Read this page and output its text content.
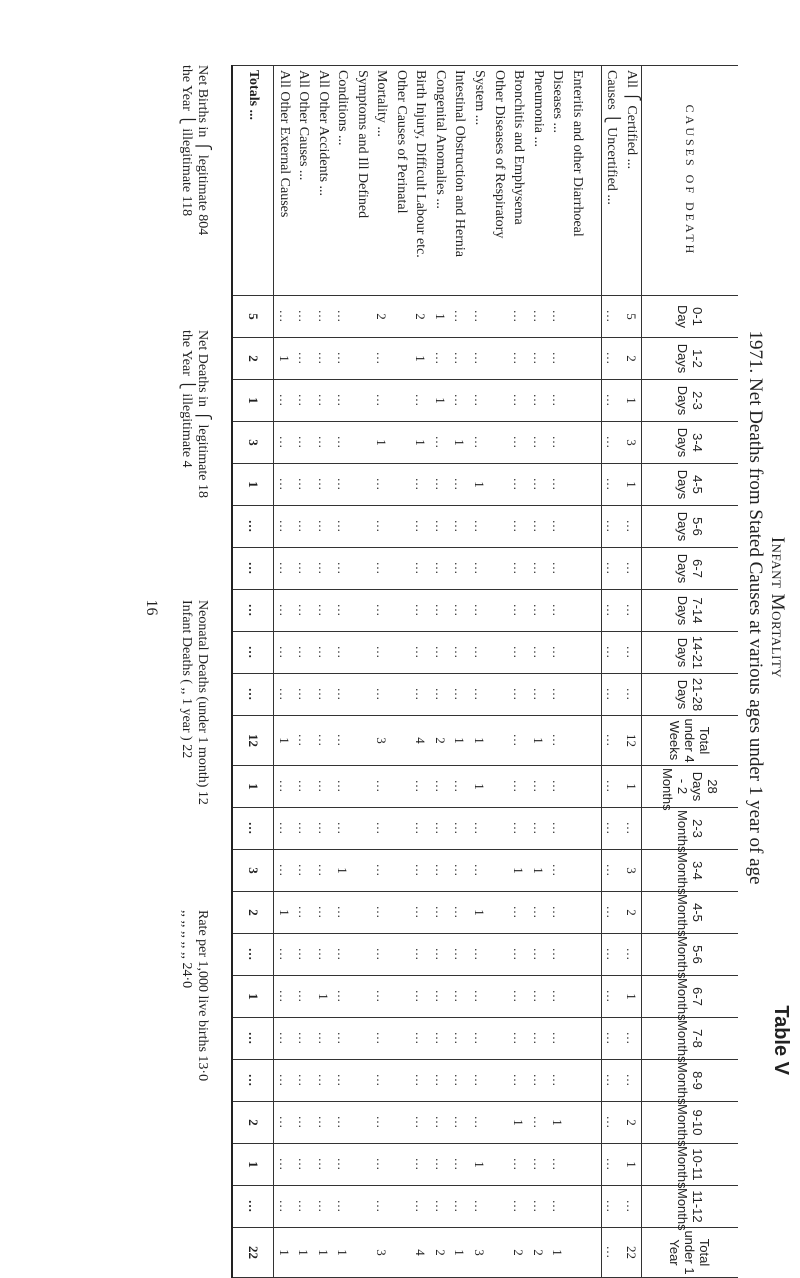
Infant Mortality
1971. Net Deaths from Stated Causes at various ages under 1 year of age
Table V
CAUSES OF DEATH	0-1 Day	1-2 Days	2-3 Days	3-4 Days	4-5 Days	5-6 Days	6-7 Days	7-14 Days	14-21 Days	21-28 Days	Total under 4 Weeks	28 Days - 2 Months	2-3 Months	3-4 Months	4-5 Months	5-6 Months	6-7 Months	7-8 Months	8-9 Months	9-10 Months	10-11 Months	11-12 Months	Total under 1 Year
All ⎧ Certified ...	5	2	1	3	1	...	...	...	...	...	12	1	...	3	2	...	1	...	...	2	1	...	22
Causes ⎩ Uncertified ...	...	...	...	...	...	...	...	...	...	...	...	...	...	...	...	...	...	...	...	...	...	...	...

Enteritis and other Diarrhoeal																							
Diseases ...	...	...	...	...	...	...	...	...	...	...	...	...	...	...	...	...	...	...	...	1	...	...	1
Pneumonia ...	...	...	...	...	...	...	...	...	...	...	1	...	...	1	...	...	...	...	...	...	...	...	2
Bronchitis and Emphysema	...	...	...	...	...	...	...	...	...	...	...	...	...	1	...	...	...	...	...	1	...	...	2
Other Diseases of Respiratory																							
System ...	...	...	...	...	1	...	...	...	...	...	1	1	...	...	1	...	...	...	...	...	1	...	3
Intestinal Obstruction and Hernia	...	...	...	1	...	...	...	...	...	...	1	...	...	...	...	...	...	...	...	...	...	...	1
Congenital Anomalies ...	1	...	1	...	...	...	...	...	...	...	2	...	...	...	...	...	...	...	...	...	...	...	2
Birth Injury, Difficult Labour etc.	2	1	...	1	...	...	...	...	...	...	4	...	...	...	...	...	...	...	...	...	...	...	4
Other Causes of Perinatal																							
Mortality ...	2	...	...	1	...	...	...	...	...	...	3	...	...	...	...	...	...	...	...	...	...	...	3
Symptoms and Ill Defined																							
Conditions ...	...	...	...	...	...	...	...	...	...	...	...	...	...	1	...	...	...	...	...	...	...	...	1
All Other Accidents ...	...	...	...	...	...	...	...	...	...	...	...	...	...	...	...	...	1	...	...	...	...	...	1
All Other Causes ...	...	...	...	...	...	...	...	...	...	...	...	...	...	...	...	...	...	...	...	...	...	...	1
All Other External Causes	...	1	...	...	...	...	...	...	...	...	1	...	...	...	1	...	...	...	...	...	...	...	1
Totals ...	5	2	1	3	1	...	...	...	...	...	12	1	...	3	2	...	1	...	...	2	1	...	22
Net Births in ⎧ legitimate 804
the Year ⎩ illegitimate 118
Net Deaths in ⎧ legitimate 18
the Year ⎩ illegitimate 4
Neonatal Deaths (under 1 month) 12
Infant Deaths ( ,, 1 year ) 22
Rate per 1,000 live births 13·0
,, ,, ,, ,, ,, 24·0
16
